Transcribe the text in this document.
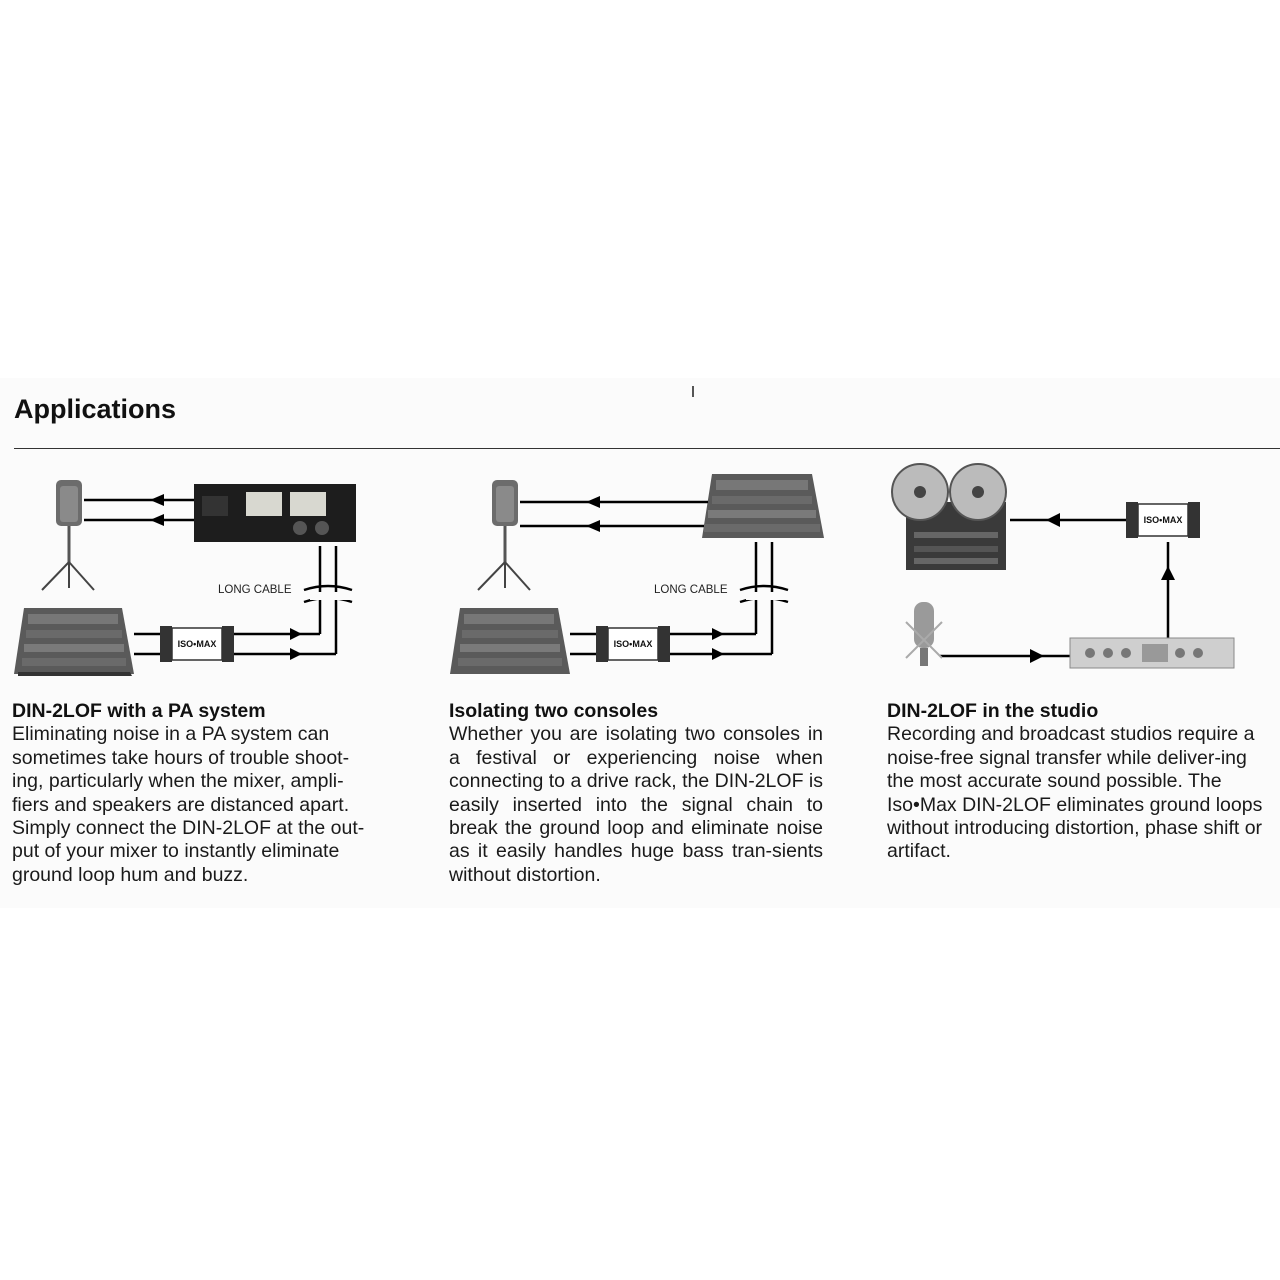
Applications
LONG CABLE
ISO•MAX
LONG CABLE
ISO•MAX
ISO•MAX
DIN-2LOF with a PA system

Eliminating noise in a PA system can sometimes take hours of trouble shoot-ing, particularly when the mixer, ampli-fiers and speakers are distanced apart. Simply connect the DIN-2LOF at the out-put of your mixer to instantly eliminate ground loop hum and buzz.

Isolating two consoles

Whether you are isolating two consoles in a festival or experiencing noise when connecting to a drive rack, the DIN-2LOF is easily inserted into the signal chain to break the ground loop and eliminate noise as it easily handles huge bass tran-sients without distortion.

DIN-2LOF in the studio

Recording and broadcast studios require a noise-free signal transfer while deliver-ing the most accurate sound possible. The Iso•Max DIN-2LOF eliminates ground loops without introducing distortion, phase shift or artifact.
